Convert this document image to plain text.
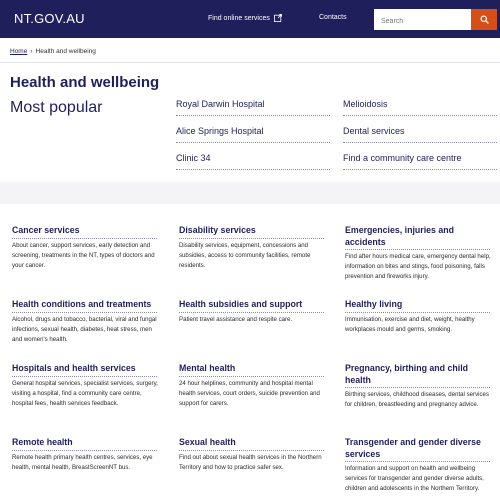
NT.GOV.AU	Find online services	Contacts
Search
Home › Health and wellbeing
Health and wellbeing
Most popular	Royal Darwin Hospital	Melioidosis
Alice Springs Hospital	Dental services
Clinic 34	Find a community care centre
Cancer services
About cancer, support services, early detection and screening, treatments in the NT, types of doctors and your cancer.
Disability services
Disability services, equipment, concessions and subsidies, access to community facilities, remote residents.
Emergencies, injuries and accidents
Find after hours medical care, emergency dental help, information on bites and stings, food poisoning, falls prevention and fireworks injury.
Health conditions and treatments
Alcohol, drugs and tobacco, bacterial, viral and fungal infections, sexual health, diabetes, heat stress, men and women's health.
Health subsidies and support
Patient travel assistance and respite care.
Healthy living
Immunisation, exercise and diet, weight, healthy workplaces mould and germs, smoking.
Hospitals and health services
General hospital services, specialist services, surgery, visiting a hospital, find a community care centre, hospital fees, health services feedback.
Mental health
24 hour helplines, community and hospital mental health services, court orders, suicide prevention and support for carers.
Pregnancy, birthing and child health
Birthing services, childhood diseases, dental services for children, breastfeeding and pregnancy advice.
Remote health
Remote health primary health centres, services, eye health, mental health, BreastScreenNT bus.
Sexual health
Find out about sexual health services in the Northern Territory and how to practice safer sex.
Transgender and gender diverse services
Information and support on health and wellbeing services for transgender and gender diverse adults, children and adolescents in the Northern Territory.
